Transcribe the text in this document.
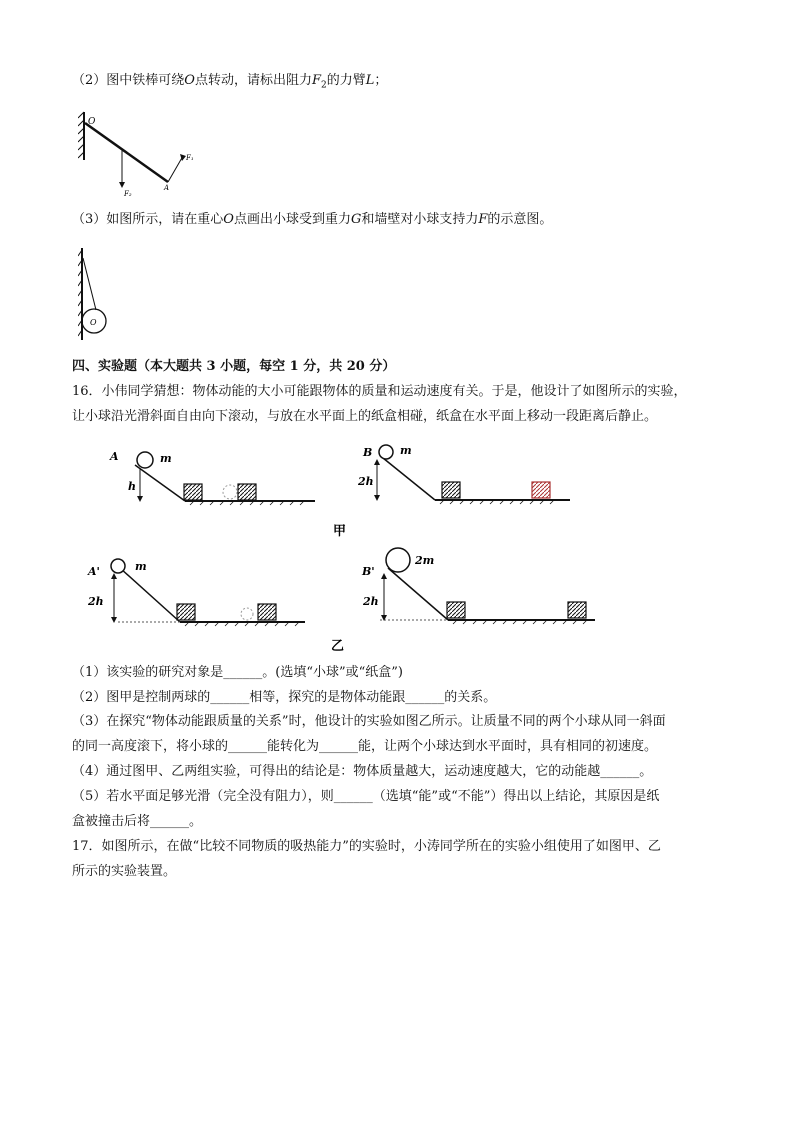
（2）图中铁棒可绕O点转动，请标出阻力$F_2$的力臂L；
O
F₂
F₁
A
（3）如图所示，请在重心O点画出小球受到重力G和墙壁对小球支持力F的示意图。
O
四、实验题（本大题共 3 小题，每空 1 分，共 20 分）
16．小伟同学猜想：物体动能的大小可能跟物体的质量和运动速度有关。于是，他设计了如图所示的实验，
让小球沿光滑斜面自由向下滚动，与放在水平面上的纸盒相碰，纸盒在水平面上移动一段距离后静止。
A	m
h
B	m
2h
甲
A'	m
2h
B'
2m
2h
乙
（1）该实验的研究对象是______。(选填“小球”或“纸盒”)
（2）图甲是控制两球的______相等，探究的是物体动能跟______的关系。
（3）在探究“物体动能跟质量的关系”时，他设计的实验如图乙所示。让质量不同的两个小球从同一斜面
的同一高度滚下，将小球的______能转化为______能，让两个小球达到水平面时，具有相同的初速度。
（4）通过图甲、乙两组实验，可得出的结论是：物体质量越大，运动速度越大，它的动能越______。
（5）若水平面足够光滑（完全没有阻力），则______（选填“能”或“不能”）得出以上结论，其原因是纸
盒被撞击后将______。
17．如图所示，在做“比较不同物质的吸热能力”的实验时，小涛同学所在的实验小组使用了如图甲、乙
所示的实验装置。
